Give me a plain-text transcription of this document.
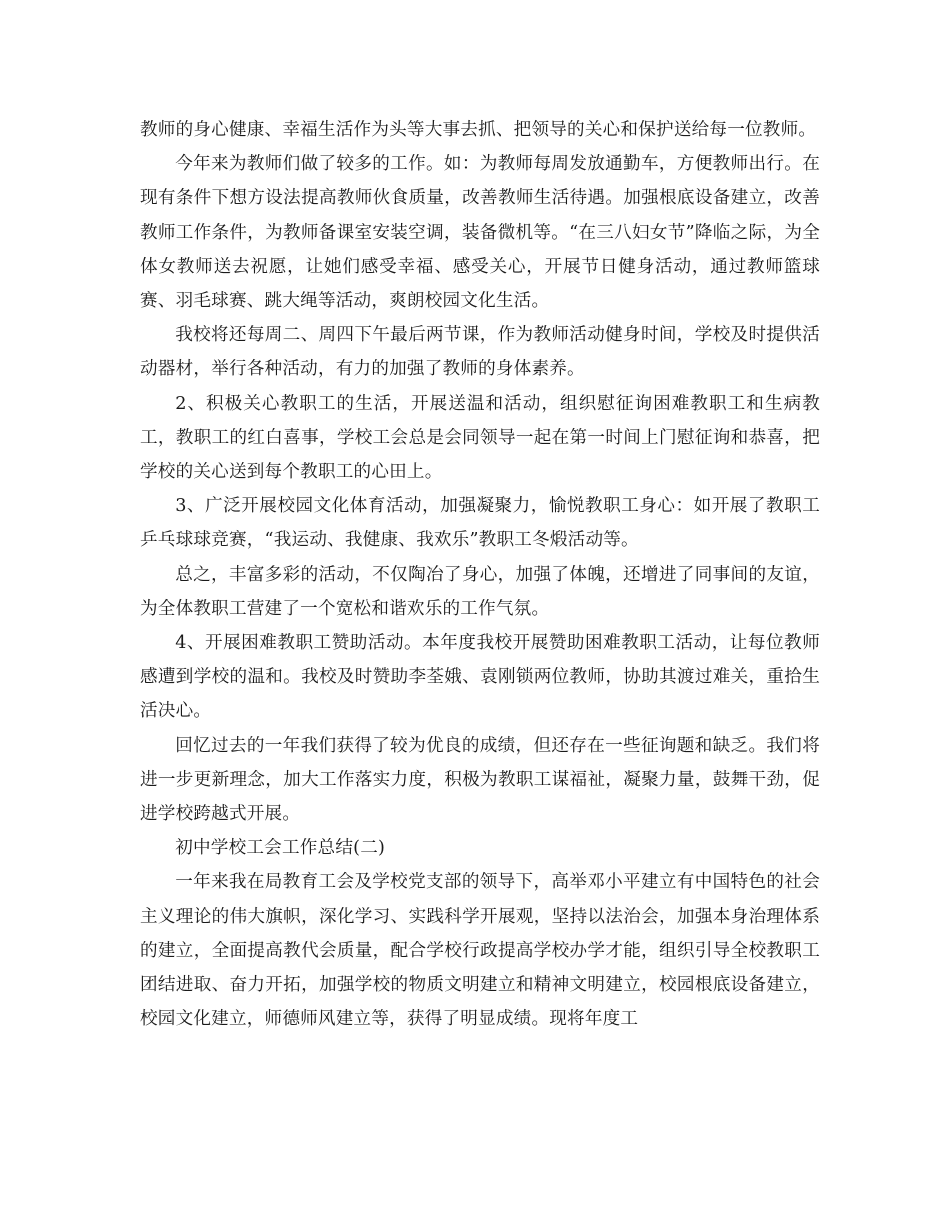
教师的身心健康、幸福生活作为头等大事去抓、把领导的关心和保护送给每一位教师。

今年来为教师们做了较多的工作。如：为教师每周发放通勤车，方便教师出行。在现有条件下想方设法提高教师伙食质量，改善教师生活待遇。加强根底设备建立，改善教师工作条件，为教师备课室安装空调，装备微机等。“在三八妇女节”降临之际，为全体女教师送去祝愿，让她们感受幸福、感受关心，开展节日健身活动，通过教师篮球赛、羽毛球赛、跳大绳等活动，爽朗校园文化生活。

我校将还每周二、周四下午最后两节课，作为教师活动健身时间，学校及时提供活动器材，举行各种活动，有力的加强了教师的身体素养。

2、积极关心教职工的生活，开展送温和活动，组织慰征询困难教职工和生病教工，教职工的红白喜事，学校工会总是会同领导一起在第一时间上门慰征询和恭喜，把学校的关心送到每个教职工的心田上。

3、广泛开展校园文化体育活动，加强凝聚力，愉悦教职工身心：如开展了教职工乒乓球球竞赛，“我运动、我健康、我欢乐”教职工冬煅活动等。

总之，丰富多彩的活动，不仅陶冶了身心，加强了体魄，还增进了同事间的友谊，为全体教职工营建了一个宽松和谐欢乐的工作气氛。

4、开展困难教职工赞助活动。本年度我校开展赞助困难教职工活动，让每位教师感遭到学校的温和。我校及时赞助李荃娥、袁刚锁两位教师，协助其渡过难关，重拾生活决心。

回忆过去的一年我们获得了较为优良的成绩，但还存在一些征询题和缺乏。我们将进一步更新理念，加大工作落实力度，积极为教职工谋福祉，凝聚力量，鼓舞干劲，促进学校跨越式开展。

初中学校工会工作总结(二)

一年来我在局教育工会及学校党支部的领导下，高举邓小平建立有中国特色的社会主义理论的伟大旗帜，深化学习、实践科学开展观，坚持以法治会，加强本身治理体系的建立，全面提高教代会质量，配合学校行政提高学校办学才能，组织引导全校教职工团结进取、奋力开拓，加强学校的物质文明建立和精神文明建立，校园根底设备建立，校园文化建立，师德师风建立等，获得了明显成绩。现将年度工
